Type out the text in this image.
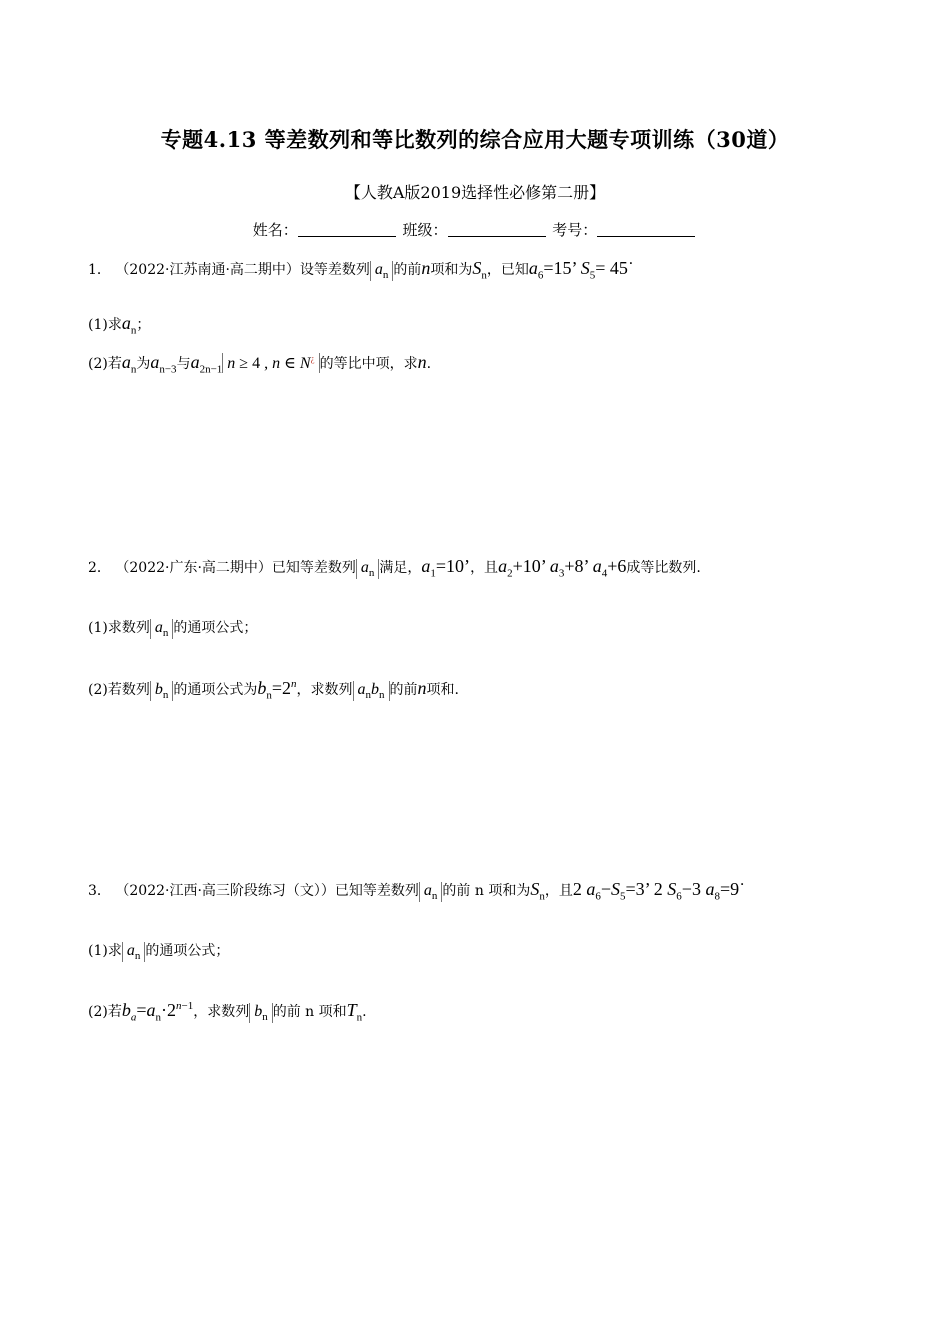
专题4.13 等差数列和等比数列的综合应用大题专项训练（30道）
【人教A版2019选择性必修第二册】
姓名：	班级：	考号：
1． （2022·江苏南通·高二期中）设等差数列 $a_n$ 的前n项和为$S_n$，已知$a_6=15$’ $S_5=$ 45˙
(1)求$a_n$；
(2)若$a_n$为$a_{n-3}$与$a_{2n-1}$ n ≥ 4 , n ∈ N¿ 的等比中项，求n.
2． （2022·广东·高二期中）已知等差数列 $a_n$ 满足，$a_1=10$’，且$a_2+10$’ $a_3+8$’ $a_4+6$成等比数列.
(1)求数列 $a_n$ 的通项公式；
(2)若数列 $b_n$ 的通项公式为$b_n=2^n$，求数列 $a_nb_n$ 的前n项和.
3． （2022·江西·高三阶段练习（文））已知等差数列 $a_n$ 的前 n 项和为$S_n$，且2 $a_6-S_5=3$’ 2 $S_6-3$ $a_8=9˙$
(1)求 $a_n$ 的通项公式；
(2)若$b_a=a_n\cdot 2^{n-1}$，求数列 $b_n$ 的前 n 项和$T_n$.
